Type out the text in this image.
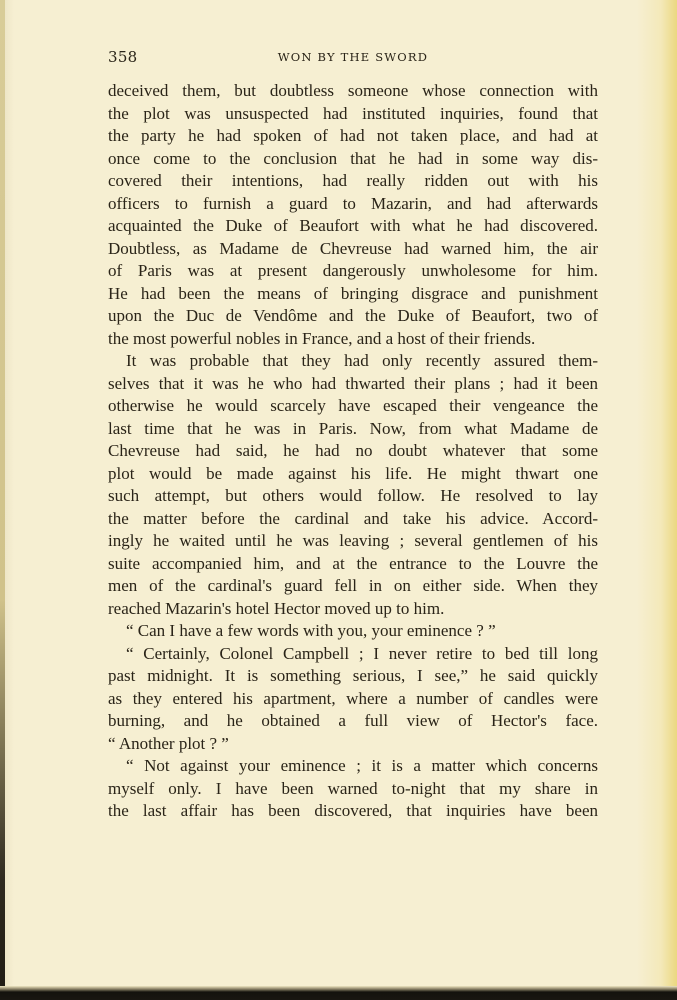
358	WON BY THE SWORD
deceived them, but doubtless someone whose connection with
the plot was unsuspected had instituted inquiries, found that
the party he had spoken of had not taken place, and had at
once come to the conclusion that he had in some way dis-
covered their intentions, had really ridden out with his
officers to furnish a guard to Mazarin, and had afterwards
acquainted the Duke of Beaufort with what he had discovered.
Doubtless, as Madame de Chevreuse had warned him, the air
of Paris was at present dangerously unwholesome for him.
He had been the means of bringing disgrace and punishment
upon the Duc de Vendôme and the Duke of Beaufort, two of
the most powerful nobles in France, and a host of their friends.
It was probable that they had only recently assured them-
selves that it was he who had thwarted their plans ; had it been
otherwise he would scarcely have escaped their vengeance the
last time that he was in Paris. Now, from what Madame de
Chevreuse had said, he had no doubt whatever that some
plot would be made against his life. He might thwart one
such attempt, but others would follow. He resolved to lay
the matter before the cardinal and take his advice. Accord-
ingly he waited until he was leaving ; several gentlemen of his
suite accompanied him, and at the entrance to the Louvre the
men of the cardinal's guard fell in on either side. When they
reached Mazarin's hotel Hector moved up to him.
“ Can I have a few words with you, your eminence ? ”
“ Certainly, Colonel Campbell ; I never retire to bed till long
past midnight. It is something serious, I see,” he said quickly
as they entered his apartment, where a number of candles were
burning, and he obtained a full view of Hector's face.
“ Another plot ? ”
“ Not against your eminence ; it is a matter which concerns
myself only. I have been warned to-night that my share in
the last affair has been discovered, that inquiries have been
